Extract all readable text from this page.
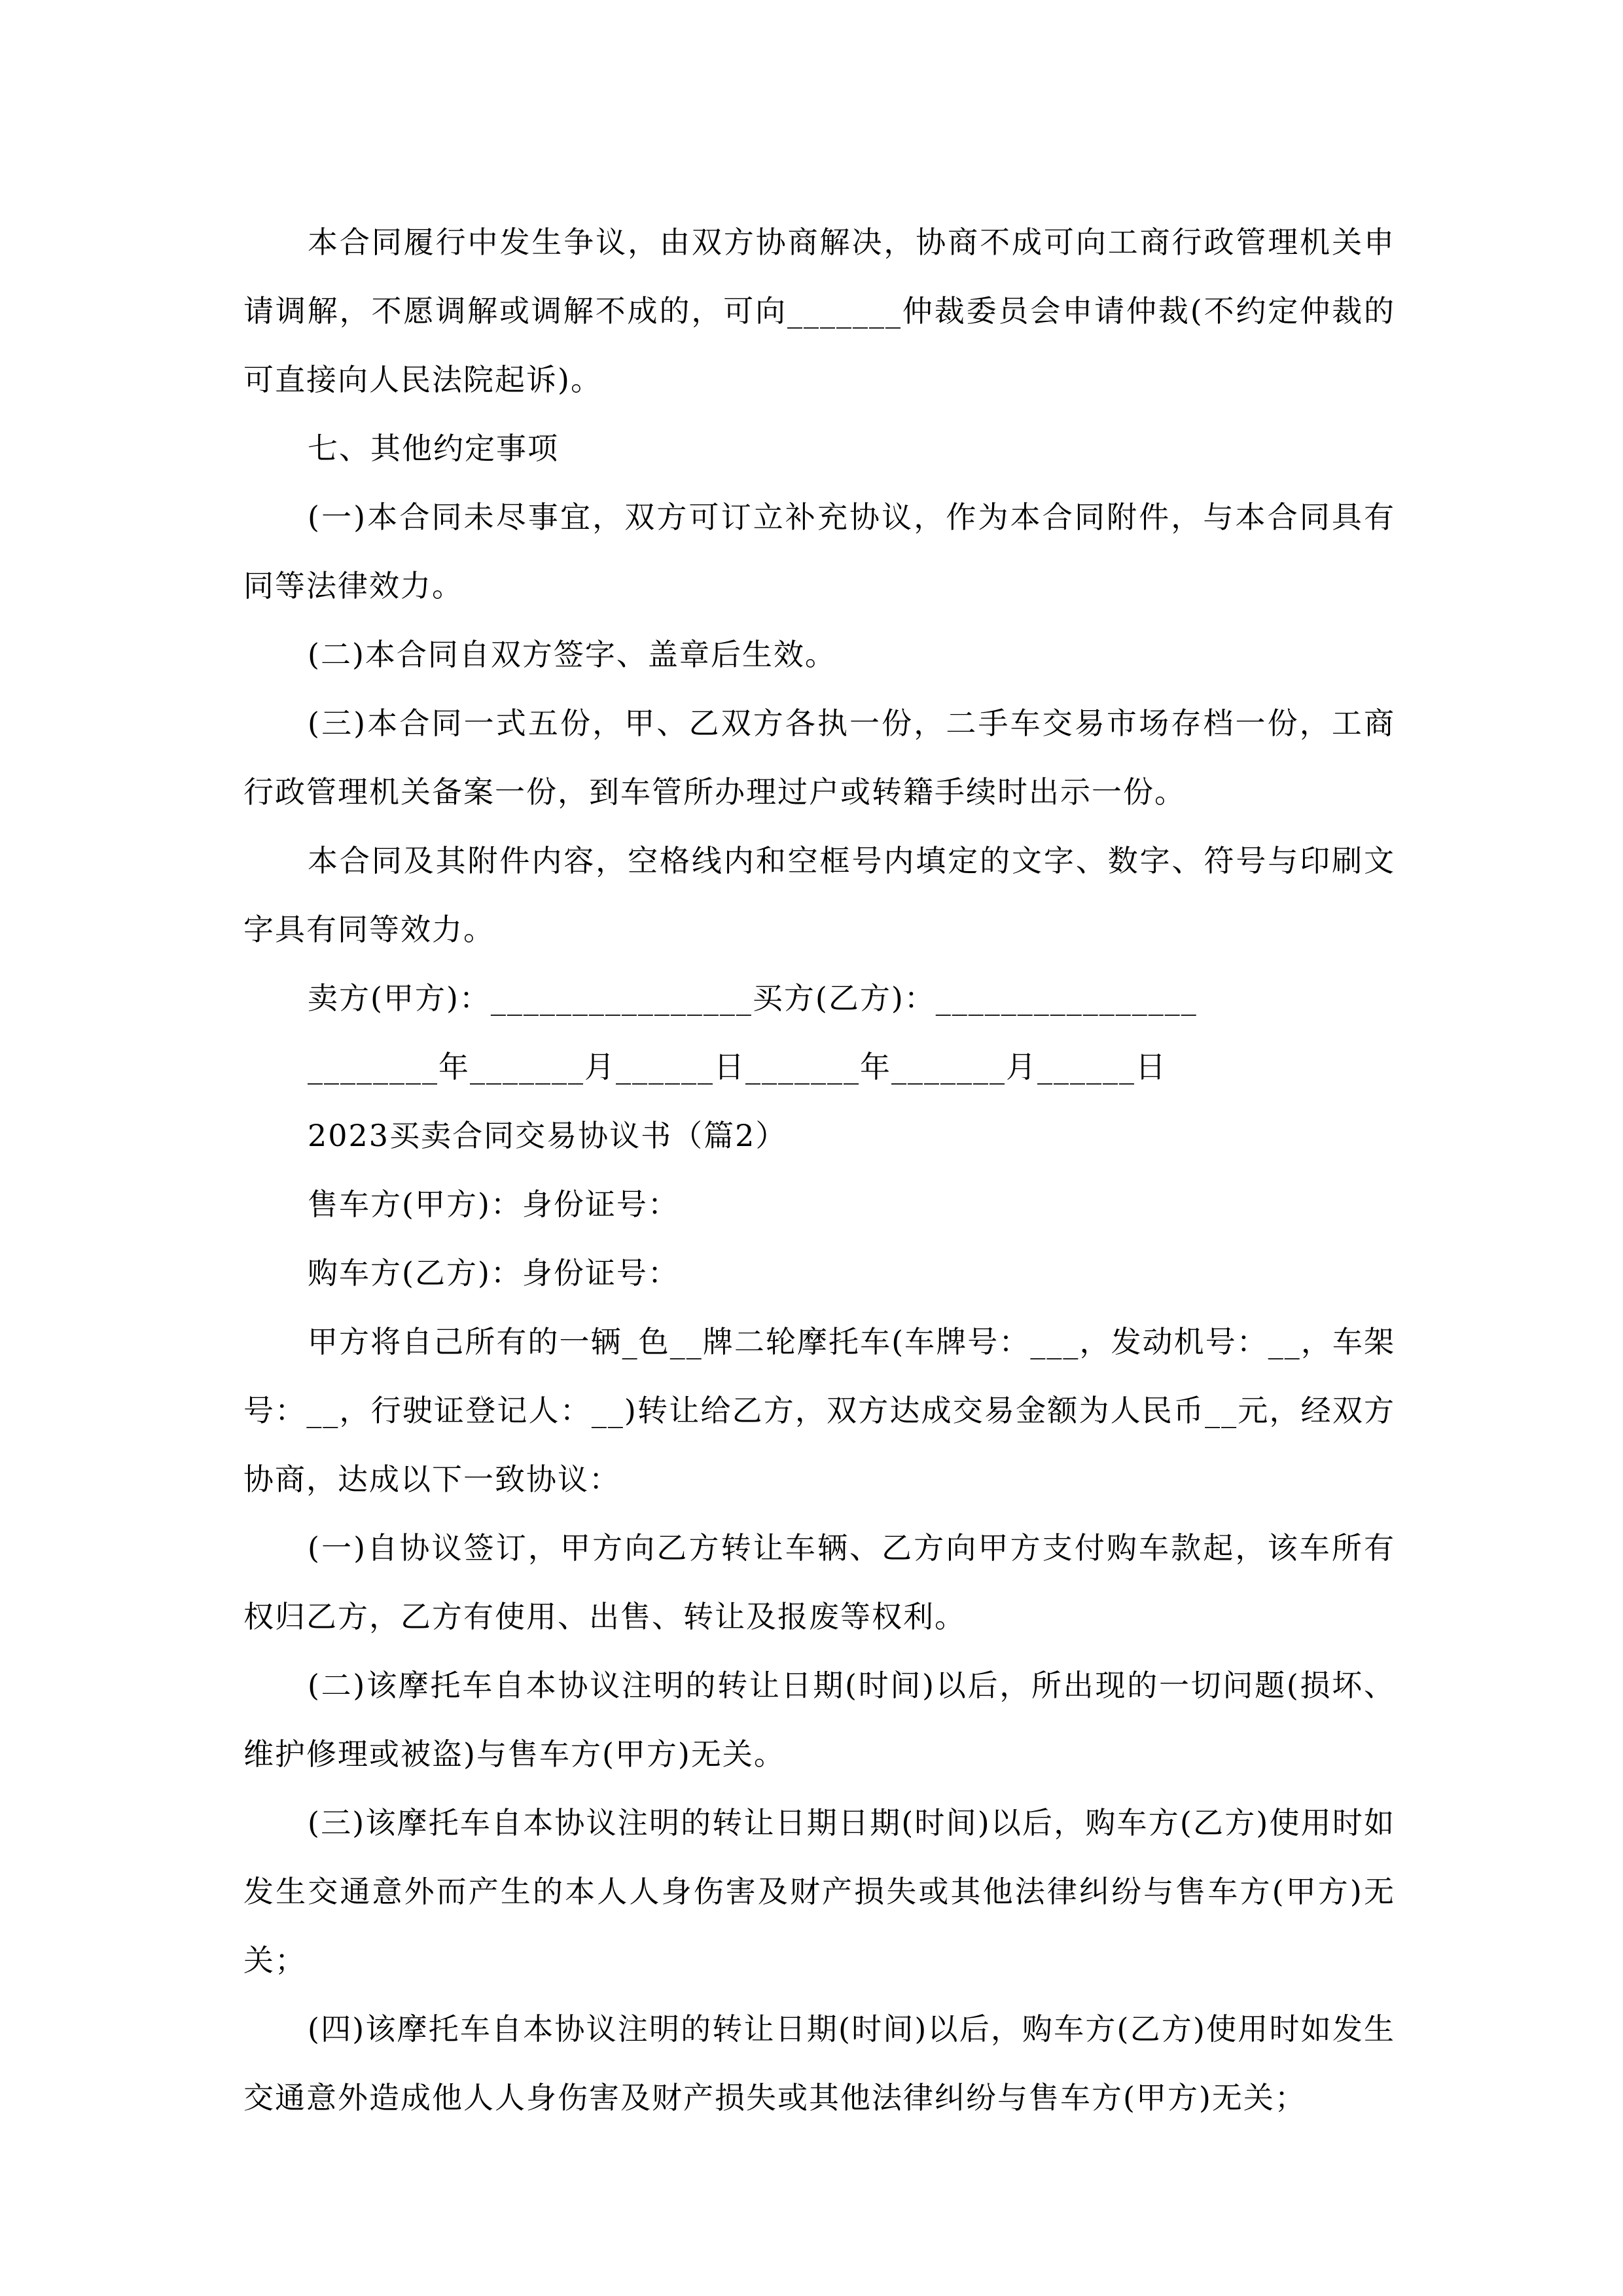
本合同履行中发生争议，由双方协商解决，协商不成可向工商行政管理机关申请调解，不愿调解或调解不成的，可向_______仲裁委员会申请仲裁(不约定仲裁的可直接向人民法院起诉)。

七、其他约定事项

(一)本合同未尽事宜，双方可订立补充协议，作为本合同附件，与本合同具有同等法律效力。

(二)本合同自双方签字、盖章后生效。

(三)本合同一式五份，甲、乙双方各执一份，二手车交易市场存档一份，工商行政管理机关备案一份，到车管所办理过户或转籍手续时出示一份。

本合同及其附件内容，空格线内和空框号内填定的文字、数字、符号与印刷文字具有同等效力。

卖方(甲方)：________________买方(乙方)：________________

________年_______月______日_______年_______月______日

2023买卖合同交易协议书（篇2）

售车方(甲方)：身份证号：

购车方(乙方)：身份证号：

甲方将自己所有的一辆_色__牌二轮摩托车(车牌号：___，发动机号：__，车架号：__，行驶证登记人：__)转让给乙方，双方达成交易金额为人民币__元，经双方协商，达成以下一致协议：

(一)自协议签订，甲方向乙方转让车辆、乙方向甲方支付购车款起，该车所有权归乙方，乙方有使用、出售、转让及报废等权利。

(二)该摩托车自本协议注明的转让日期(时间)以后，所出现的一切问题(损坏、维护修理或被盗)与售车方(甲方)无关。

(三)该摩托车自本协议注明的转让日期日期(时间)以后，购车方(乙方)使用时如发生交通意外而产生的本人人身伤害及财产损失或其他法律纠纷与售车方(甲方)无关；

(四)该摩托车自本协议注明的转让日期(时间)以后，购车方(乙方)使用时如发生交通意外造成他人人身伤害及财产损失或其他法律纠纷与售车方(甲方)无关；
